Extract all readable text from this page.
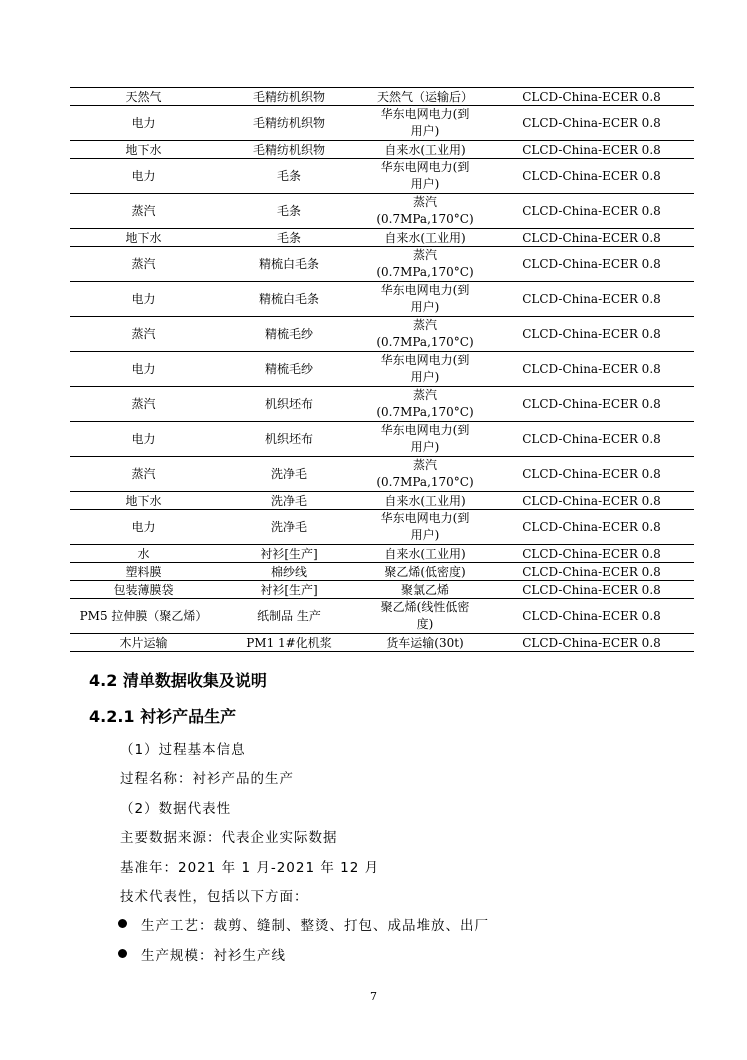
天然气	毛精纺机织物	天然气（运输后）	CLCD-China-ECER 0.8
电力	毛精纺机织物	华东电网电力(到用户)	CLCD-China-ECER 0.8
地下水	毛精纺机织物	自来水(工业用)	CLCD-China-ECER 0.8
电力	毛条	华东电网电力(到用户)	CLCD-China-ECER 0.8
蒸汽	毛条	蒸汽(0.7MPa,170°C)	CLCD-China-ECER 0.8
地下水	毛条	自来水(工业用)	CLCD-China-ECER 0.8
蒸汽	精梳白毛条	蒸汽(0.7MPa,170°C)	CLCD-China-ECER 0.8
电力	精梳白毛条	华东电网电力(到用户)	CLCD-China-ECER 0.8
蒸汽	精梳毛纱	蒸汽(0.7MPa,170°C)	CLCD-China-ECER 0.8
电力	精梳毛纱	华东电网电力(到用户)	CLCD-China-ECER 0.8
蒸汽	机织坯布	蒸汽(0.7MPa,170°C)	CLCD-China-ECER 0.8
电力	机织坯布	华东电网电力(到用户)	CLCD-China-ECER 0.8
蒸汽	洗净毛	蒸汽(0.7MPa,170°C)	CLCD-China-ECER 0.8
地下水	洗净毛	自来水(工业用)	CLCD-China-ECER 0.8
电力	洗净毛	华东电网电力(到用户)	CLCD-China-ECER 0.8
水	衬衫[生产]	自来水(工业用)	CLCD-China-ECER 0.8
塑料膜	棉纱线	聚乙烯(低密度)	CLCD-China-ECER 0.8
包装薄膜袋	衬衫[生产]	聚氯乙烯	CLCD-China-ECER 0.8
PM5 拉伸膜（聚乙烯）	纸制品 生产	聚乙烯(线性低密度)	CLCD-China-ECER 0.8
木片运输	PM1 1#化机浆	货车运输(30t)	CLCD-China-ECER 0.8
4.2 清单数据收集及说明
4.2.1 衬衫产品生产
（1）过程基本信息
过程名称：衬衫产品的生产
（2）数据代表性
主要数据来源：代表企业实际数据
基准年：2021 年 1 月-2021 年 12 月
技术代表性，包括以下方面：
生产工艺：裁剪、缝制、整烫、打包、成品堆放、出厂
生产规模：衬衫生产线
7
